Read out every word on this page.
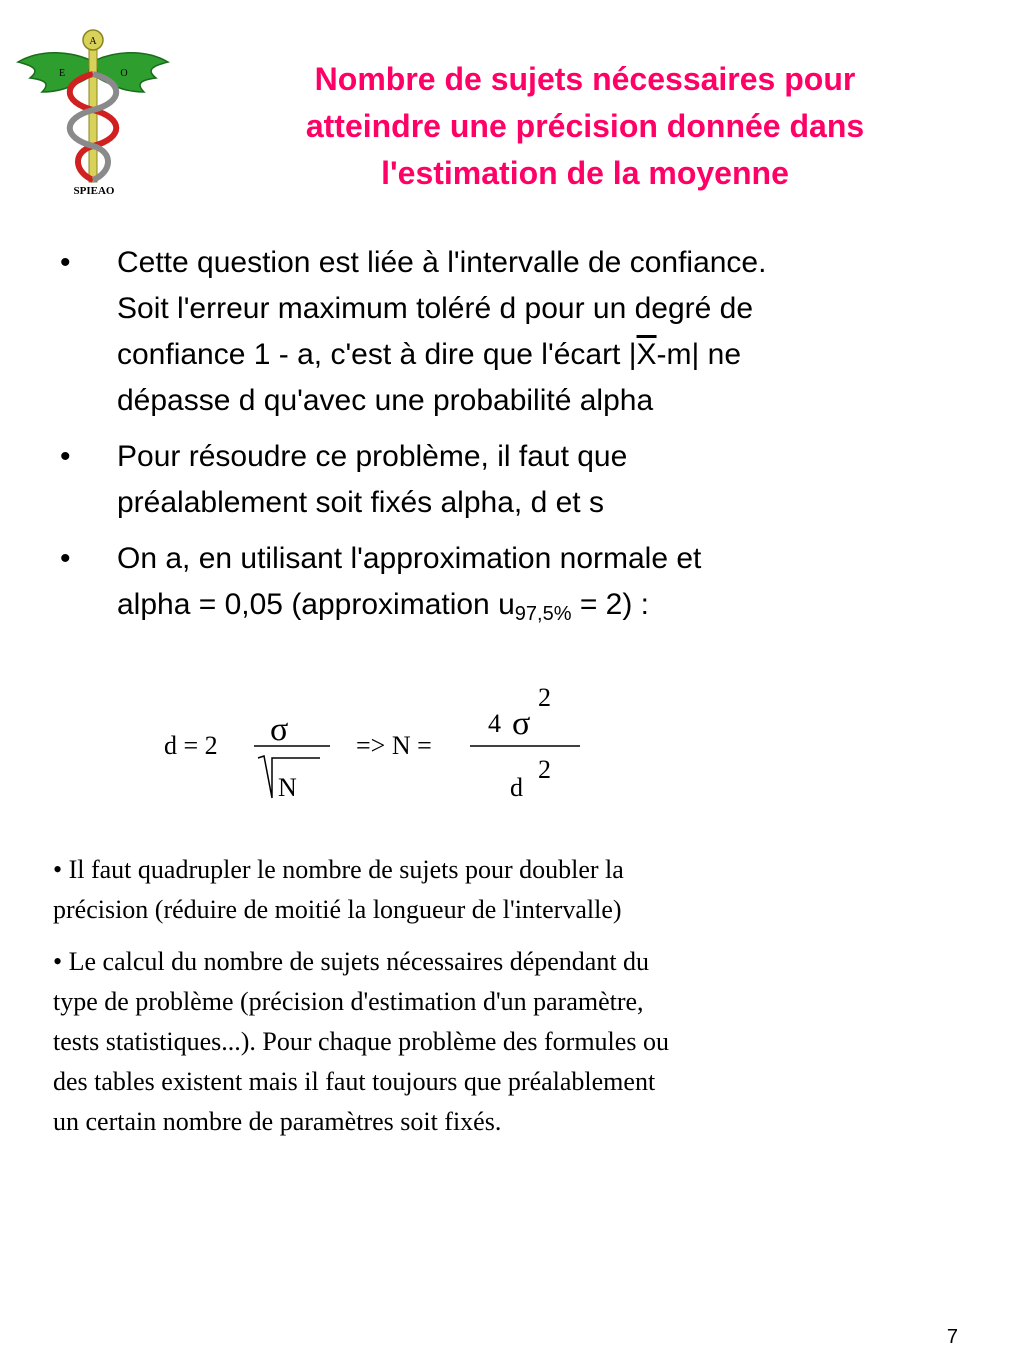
A
E	O
SPIEAO
Nombre de sujets nécessaires pour
atteindre une précision donnée dans
l'estimation de la moyenne
• Cette question est liée à l'intervalle de confiance.
Soit l'erreur maximum toléré d pour un degré de
confiance 1 - a, c'est à dire que l'écart $|\overline{X}-m|$ ne
dépasse d qu'avec une probabilité alpha
• Pour résoudre ce problème, il faut que
préalablement soit fixés alpha, d et s
• On a, en utilisant l'approximation normale et
alpha = 0,05 (approximation $u_{97,5\%} = 2$) :
d = 2 σ
N
=> N =
2
4 σ
2
d
• Il faut quadrupler le nombre de sujets pour doubler la
précision (réduire de moitié la longueur de l'intervalle)
• Le calcul du nombre de sujets nécessaires dépendant du
type de problème (précision d'estimation d'un paramètre,
tests statistiques...). Pour chaque problème des formules ou
des tables existent mais il faut toujours que préalablement
un certain nombre de paramètres soit fixés.
7
